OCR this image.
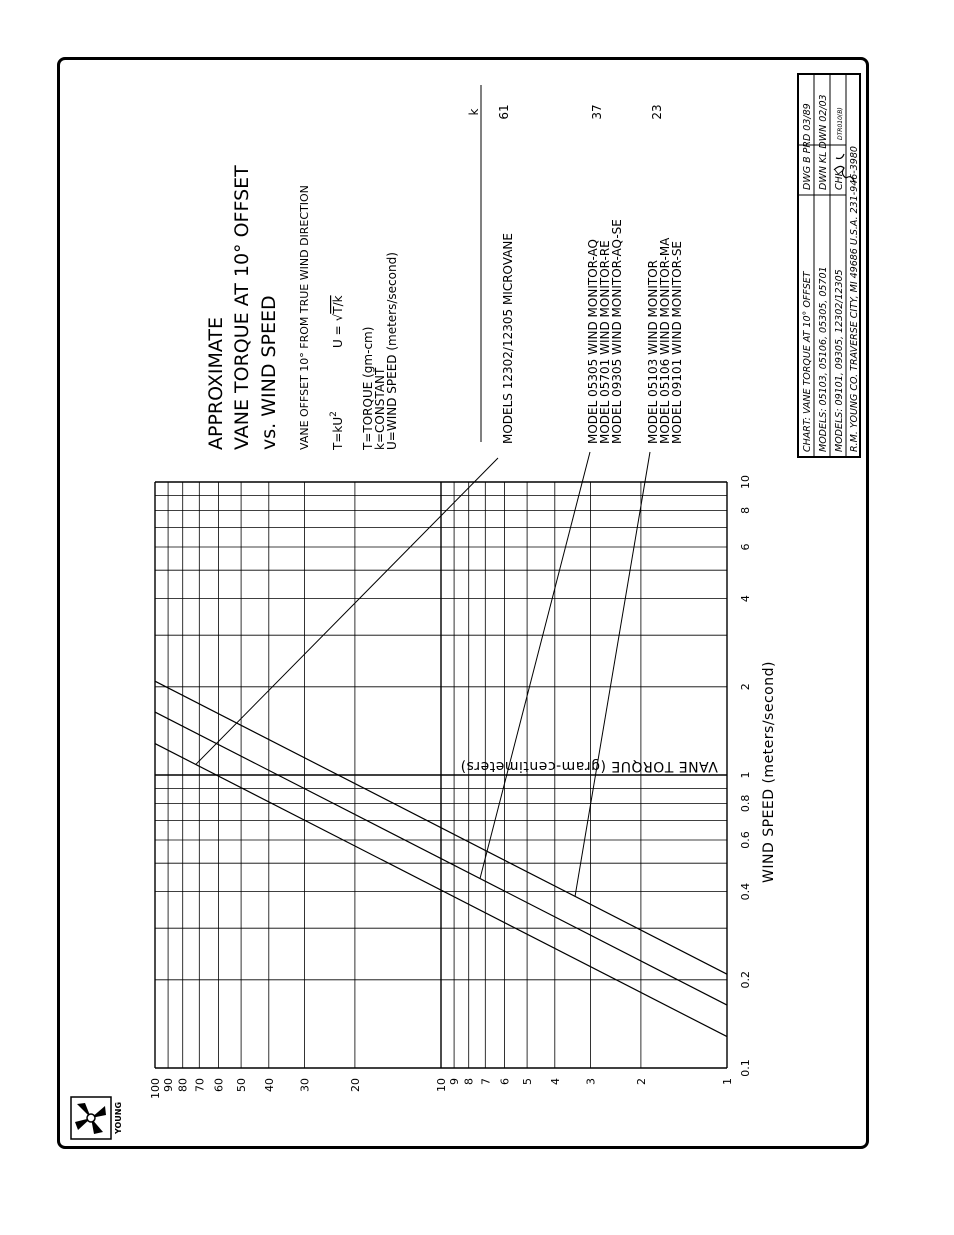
YOUNG
1
2
3
4
5
6
7
8
9
10
20
30
40
50
60
70
80
90
100
0.1
0.2
0.4
0.6
0.8
1
2
4
6
8
10
VANE TORQUE (gram-centimeters)	WIND SPEED (meters/second)
APPROXIMATE VANE TORQUE AT 10° OFFSET vs. WIND SPEED VANE OFFSET 10° FROM TRUE WIND DIRECTION $T=kU^2$
U =√T/k
T=TORQUE (gm-cm)
k=CONSTANT
U=WIND SPEED (meters/second)
k
MODELS 12302/12305 MICROVANE
61
MODEL 05305 WIND MONITOR-AQ
MODEL 05701 WIND MONITOR-RE
MODEL 09305 WIND MONITOR-AQ-SE
37
MODEL 05103 WIND MONITOR
MODEL 05106 WIND MONITOR-MA
MODEL 09101 WIND MONITOR-SE
23
CHART: VANE TORQUE AT 10° OFFSET MODELS: 05103, 05106, 05305, 05701 MODELS: 09101, 09305, 12302/12305
DWG B PRD 03/89 DWN KL DWN 02/03 CHK
DTR010(B)
R.M. YOUNG CO. TRAVERSE CITY, MI 49686 U.S.A. 231-946-3980
